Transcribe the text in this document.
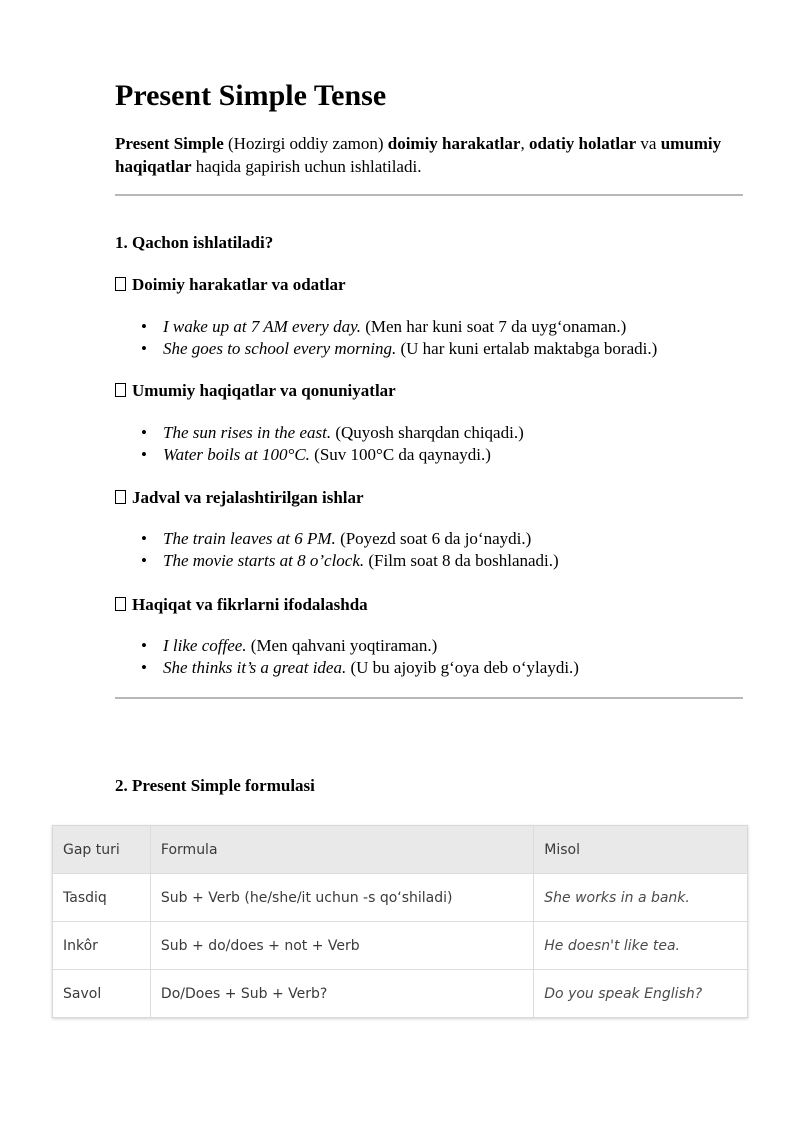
Present Simple Tense

Present Simple (Hozirgi oddiy zamon) doimiy harakatlar, odatiy holatlar va umumiy haqiqatlar haqida gapirish uchun ishlatiladi.

1. Qachon ishlatiladi?
Doimiy harakatlar va odatlar
• I wake up at 7 AM every day. (Men har kuni soat 7 da uyg‘onaman.)
• She goes to school every morning. (U har kuni ertalab maktabga boradi.)
Umumiy haqiqatlar va qonuniyatlar
• The sun rises in the east. (Quyosh sharqdan chiqadi.)
• Water boils at 100°C. (Suv 100°C da qaynaydi.)
Jadval va rejalashtirilgan ishlar
• The train leaves at 6 PM. (Poyezd soat 6 da jo‘naydi.)
• The movie starts at 8 o’clock. (Film soat 8 da boshlanadi.)
Haqiqat va fikrlarni ifodalashda
• I like coffee. (Men qahvani yoqtiraman.)
• She thinks it’s a great idea. (U bu ajoyib g‘oya deb o‘ylaydi.)
2. Present Simple formulasi
Gap turi	Formula	Misol
Tasdiq	Sub + Verb (he/she/it uchun -s qo‘shiladi)	She works in a bank.
Inkôr	Sub + do/does + not + Verb	He doesn't like tea.
Savol	Do/Does + Sub + Verb?	Do you speak English?
